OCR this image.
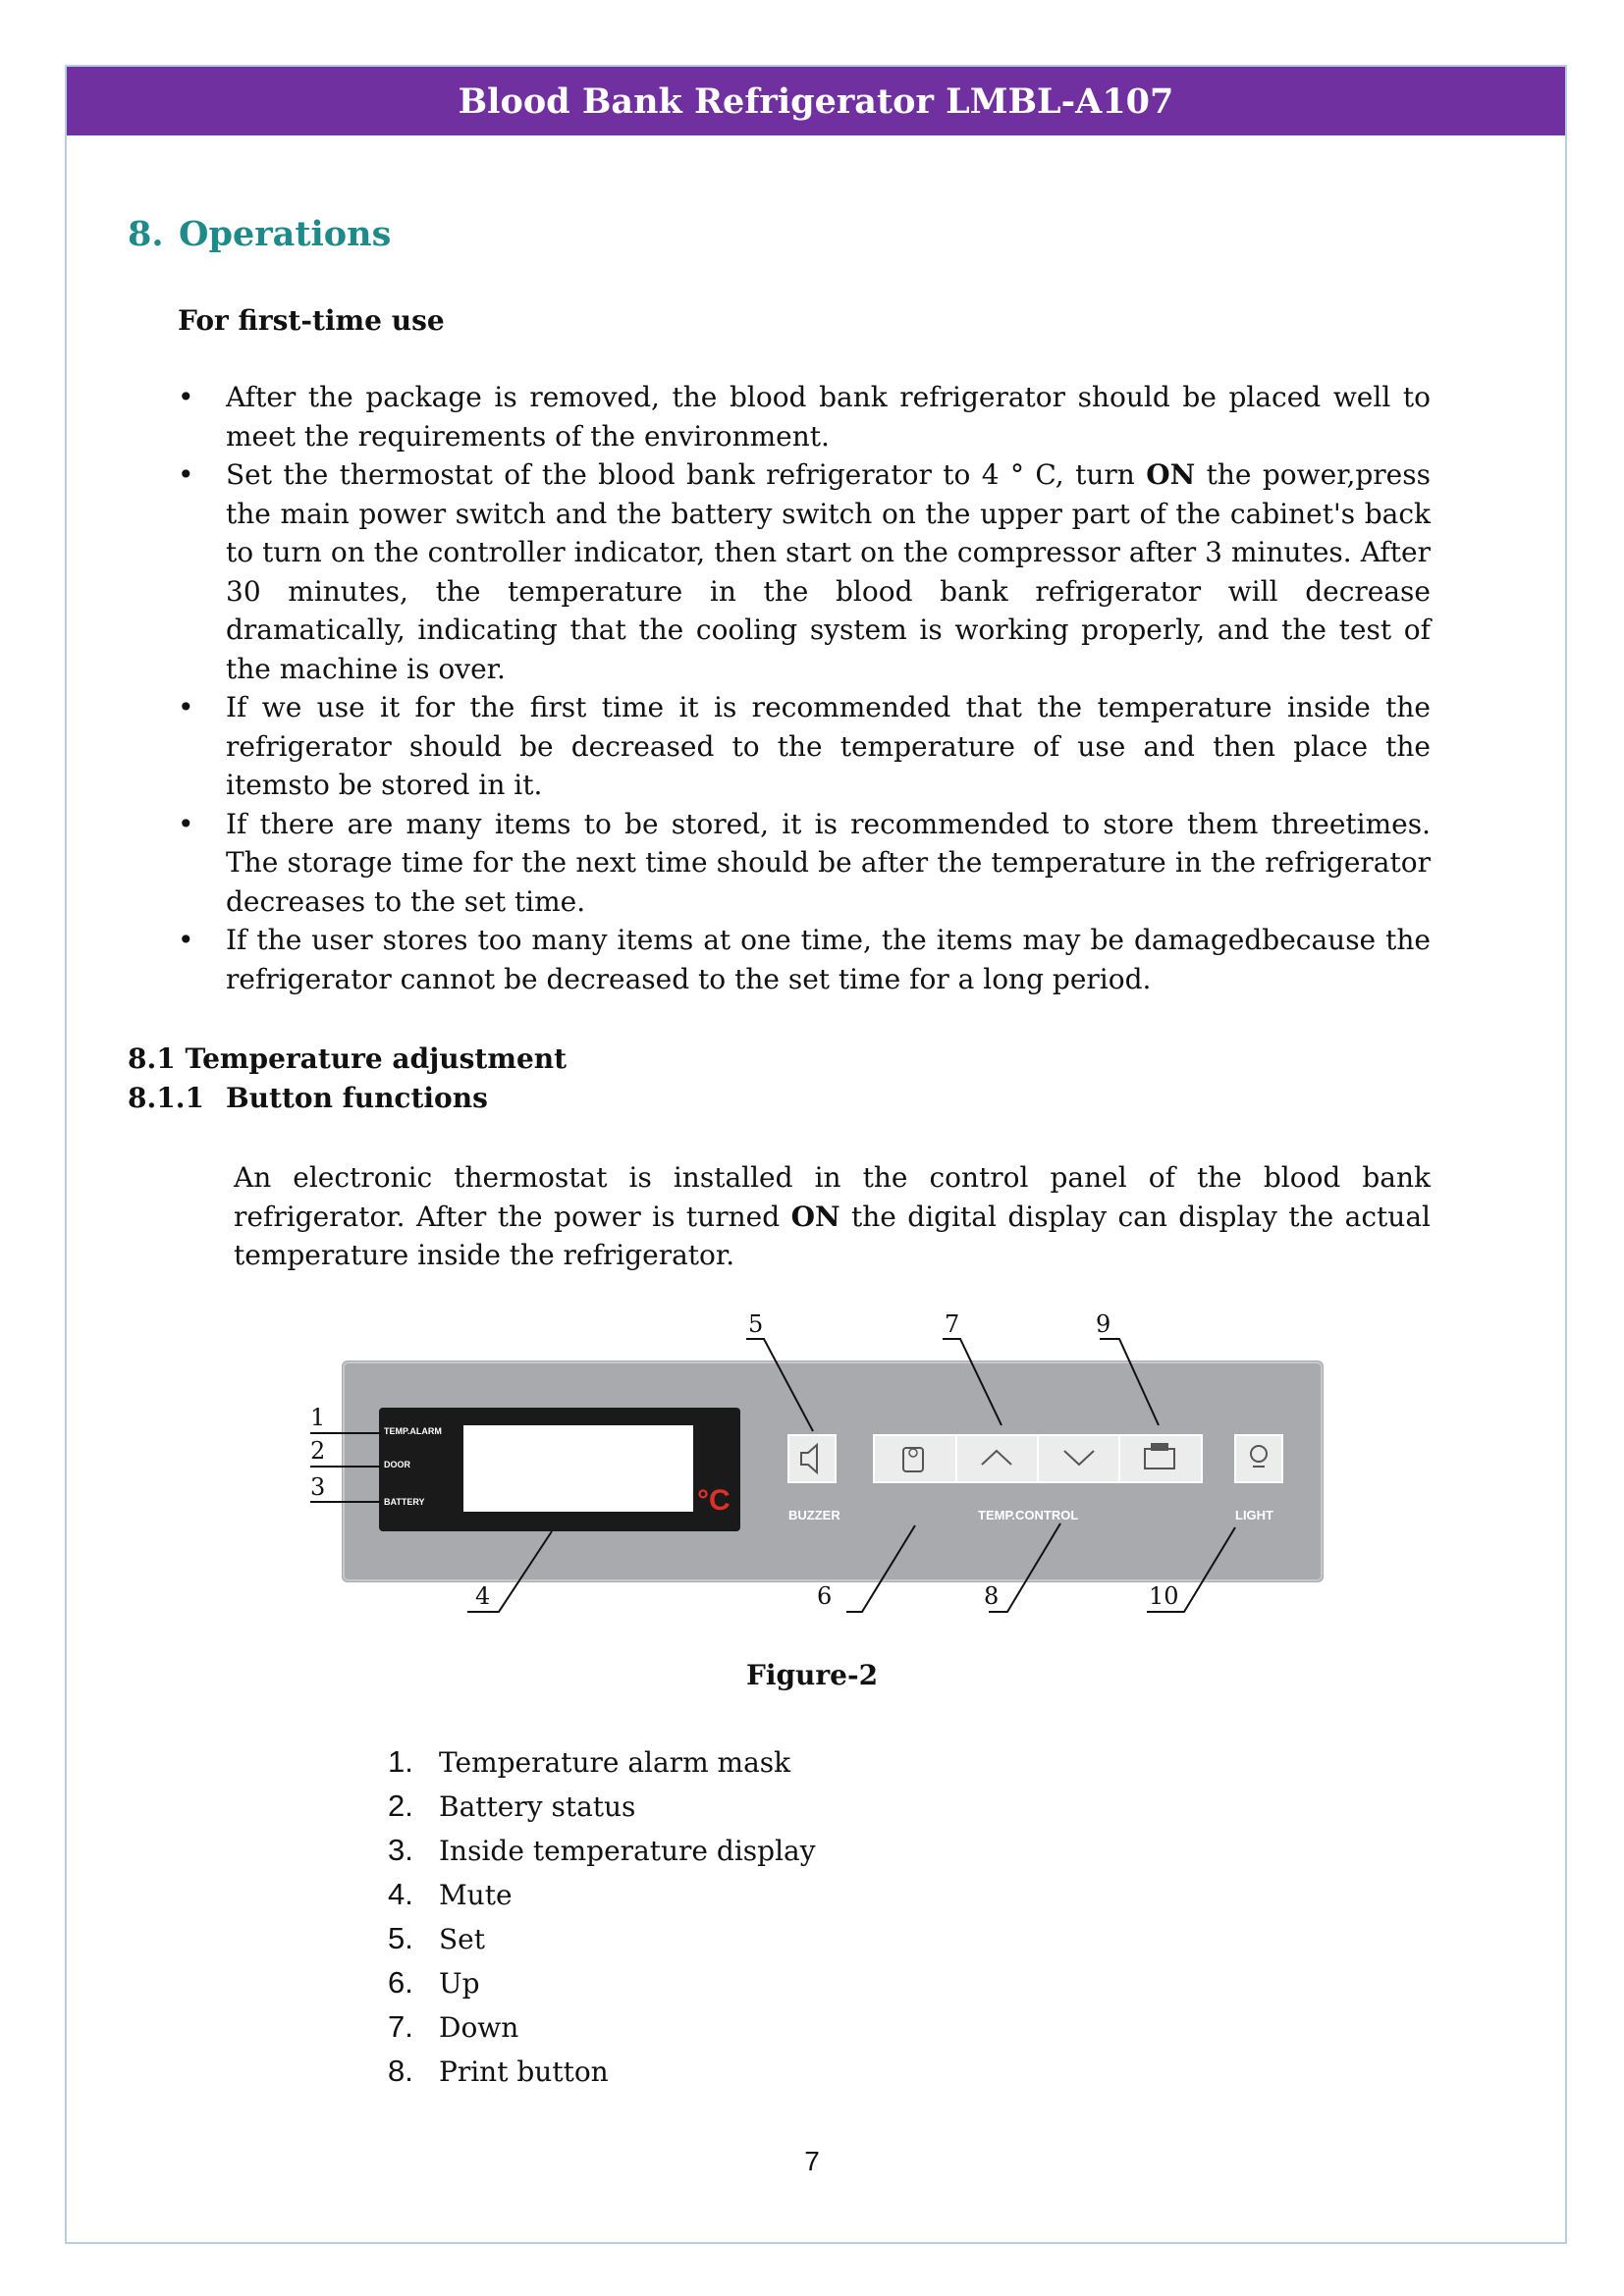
Blood Bank Refrigerator LMBL-A107
8. Operations
For first-time use
• After the package is removed, the blood bank refrigerator should be placed well to meet the requirements of the environment.
• Set the thermostat of the blood bank refrigerator to 4 ° C, turn ON the power,press the main power switch and the battery switch on the upper part of the cabinet's back to turn on the controller indicator, then start on the compressor after 3 minutes. After 30 minutes, the temperature in the blood bank refrigerator will decrease dramatically, indicating that the cooling system is working properly, and the test of the machine is over.
• If we use it for the first time it is recommended that the temperature inside the refrigerator should be decreased to the temperature of use and then place the itemsto be stored in it.
• If there are many items to be stored, it is recommended to store them threetimes. The storage time for the next time should be after the temperature in the refrigerator decreases to the set time.
• If the user stores too many items at one time, the items may be damagedbecause the refrigerator cannot be decreased to the set time for a long period.
8.1 Temperature adjustment
8.1.1 Button functions
An electronic thermostat is installed in the control panel of the blood bank refrigerator. After the power is turned ON the digital display can display the actual temperature inside the refrigerator.
°C
TEMP.ALARM
DOOR
BATTERY
BUZZER	TEMP.CONTROL	LIGHT
1
2
3
4
5
6
7
8
9
10
Figure-2
1. Temperature alarm mask
2. Battery status
3. Inside temperature display
4. Mute
5. Set
6. Up
7. Down
8. Print button
7
